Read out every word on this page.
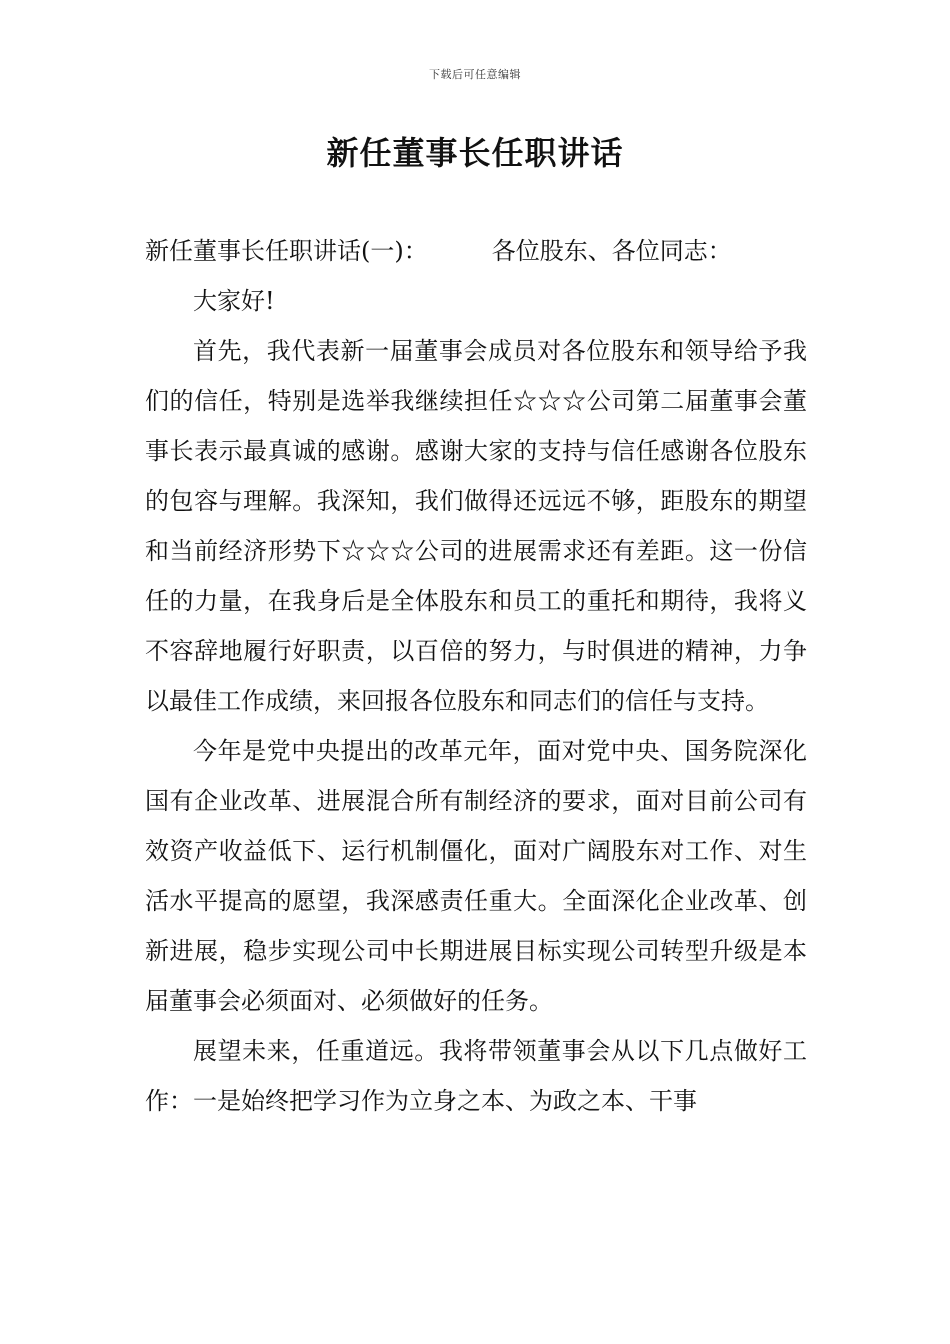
下载后可任意编辑
新任董事长任职讲话

新任董事长任职讲话(一)：	各位股东、各位同志：

大家好!

首先，我代表新一届董事会成员对各位股东和领导给予我们的信任，特别是选举我继续担任☆☆☆公司第二届董事会董事长表示最真诚的感谢。感谢大家的支持与信任感谢各位股东的包容与理解。我深知，我们做得还远远不够，距股东的期望和当前经济形势下☆☆☆公司的进展需求还有差距。这一份信任的力量，在我身后是全体股东和员工的重托和期待，我将义不容辞地履行好职责，以百倍的努力，与时俱进的精神，力争以最佳工作成绩，来回报各位股东和同志们的信任与支持。

今年是党中央提出的改革元年，面对党中央、国务院深化国有企业改革、进展混合所有制经济的要求，面对目前公司有效资产收益低下、运行机制僵化，面对广阔股东对工作、对生活水平提高的愿望，我深感责任重大。全面深化企业改革、创新进展，稳步实现公司中长期进展目标实现公司转型升级是本届董事会必须面对、必须做好的任务。

展望未来，任重道远。我将带领董事会从以下几点做好工作：一是始终把学习作为立身之本、为政之本、干事
